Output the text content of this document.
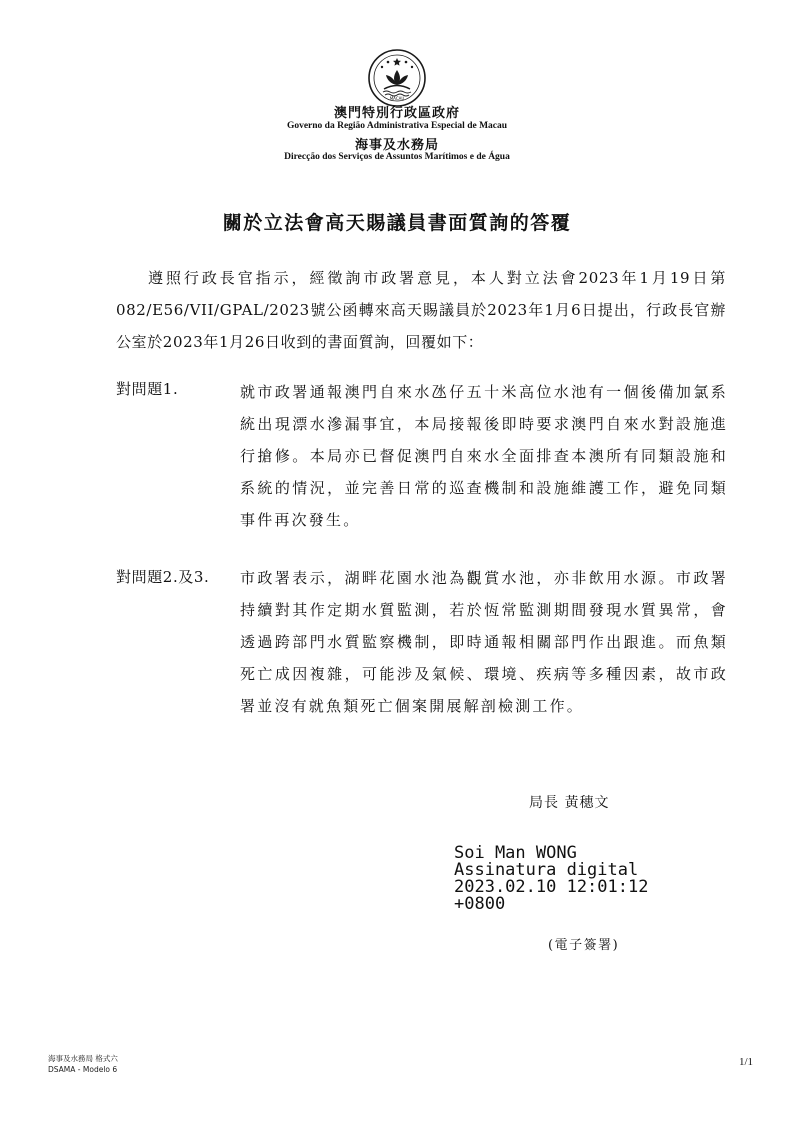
MACAU
澳門特別行政區政府
Governo da Região Administrativa Especial de Macau
海事及水務局
Direcção dos Serviços de Assuntos Marítimos e de Água
關於立法會高天賜議員書面質詢的答覆

遵照行政長官指示，經徵詢市政署意見，本人對立法會2023年1月19日第082/E56/VII/GPAL/2023號公函轉來高天賜議員於2023年1月6日提出，行政長官辦公室於2023年1月26日收到的書面質詢，回覆如下：

對問題1.	就市政署通報澳門自來水氹仔五十米高位水池有一個後備加氯系統出現漂水滲漏事宜，本局接報後即時要求澳門自來水對設施進行搶修。本局亦已督促澳門自來水全面排查本澳所有同類設施和系統的情況，並完善日常的巡查機制和設施維護工作，避免同類事件再次發生。

對問題2.及3. 市政署表示，湖畔花園水池為觀賞水池，亦非飲用水源。市政署持續對其作定期水質監測，若於恆常監測期間發現水質異常，會透過跨部門水質監察機制，即時通報相關部門作出跟進。而魚類死亡成因複雜，可能涉及氣候、環境、疾病等多種因素，故市政署並沒有就魚類死亡個案開展解剖檢測工作。

局長 黃穗文
Soi Man WONG
Assinatura digital
2023.02.10 12:01:12
+0800
(電子簽署)
海事及水務局 格式六
DSAMA - Modelo 6
1/1
